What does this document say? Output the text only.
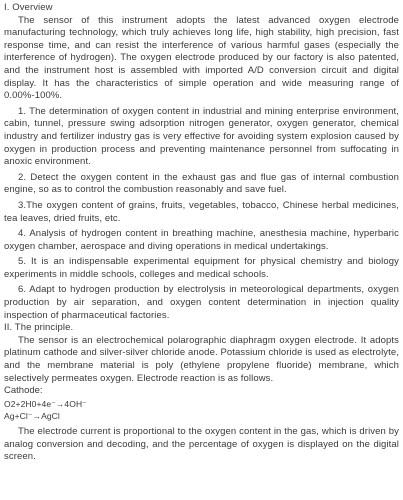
I. Overview

The sensor of this instrument adopts the latest advanced oxygen electrode manufacturing technology, which truly achieves long life, high stability, high precision, fast response time, and can resist the interference of various harmful gases (especially the interference of hydrogen). The oxygen electrode produced by our factory is also patented, and the instrument host is assembled with imported A/D conversion circuit and digital display. It has the characteristics of simple operation and wide measuring range of 0.00%-100%.

1. The determination of oxygen content in industrial and mining enterprise environment, cabin, tunnel, pressure swing adsorption nitrogen generator, oxygen generator, chemical industry and fertilizer industry gas is very effective for avoiding system explosion caused by oxygen in production process and preventing maintenance personnel from suffocating in anoxic environment.

2. Detect the oxygen content in the exhaust gas and flue gas of internal combustion engine, so as to control the combustion reasonably and save fuel.

3.The oxygen content of grains, fruits, vegetables, tobacco, Chinese herbal medicines, tea leaves, dried fruits, etc.

4. Analysis of hydrogen content in breathing machine, anesthesia machine, hyperbaric oxygen chamber, aerospace and diving operations in medical undertakings.

5. It is an indispensable experimental equipment for physical chemistry and biology experiments in middle schools, colleges and medical schools.

6. Adapt to hydrogen production by electrolysis in meteorological departments, oxygen production by air separation, and oxygen content determination in injection quality inspection of pharmaceutical factories.

II. The principle.

The sensor is an electrochemical polarographic diaphragm oxygen electrode. It adopts platinum cathode and silver-silver chloride anode. Potassium chloride is used as electrolyte, and the membrane material is poly (ethylene propylene fluoride) membrane, which selectively permeates oxygen. Electrode reaction is as follows.

Cathode:

O2+2H0+4e⁻→4OH⁻

Ag+Cl⁻→AgCl

The electrode current is proportional to the oxygen content in the gas, which is driven by analog conversion and decoding, and the percentage of oxygen is displayed on the digital screen.
